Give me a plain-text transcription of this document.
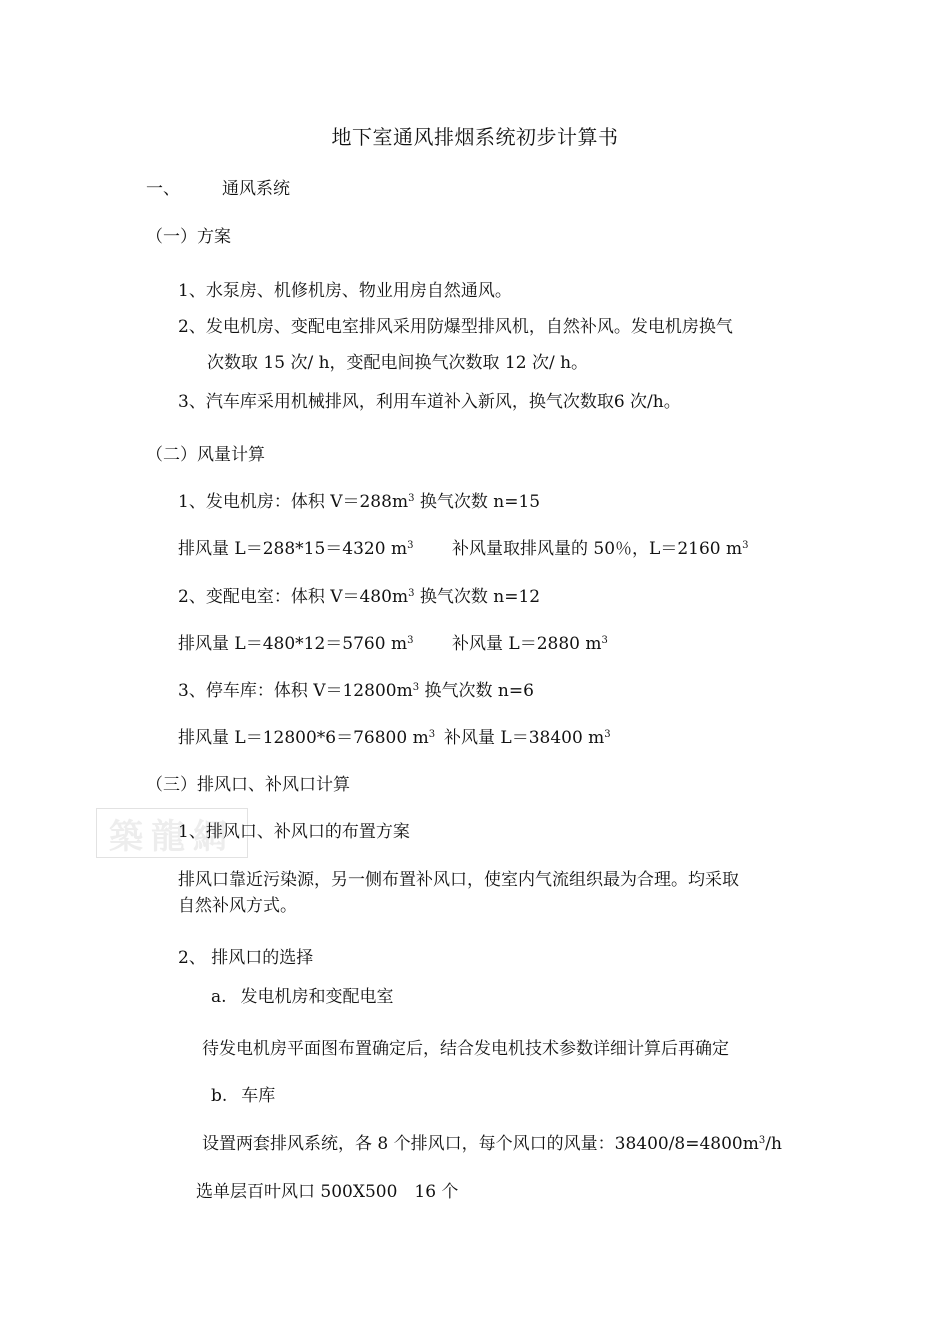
地下室通风排烟系统初步计算书
一、 通风系统
（一）方案
1、水泵房、机修机房、物业用房自然通风。
2、发电机房、变配电室排风采用防爆型排风机，自然补风。发电机房换气
次数取 15 次/ h，变配电间换气次数取 12 次/ h。
3、汽车库采用机械排风，利用车道补入新风，换气次数取6 次/h。
（二）风量计算
1、发电机房：体积 $V=288m^3$ 换气次数 n=15
排风量 L＝288*15＝4320 $m^3$ 补风量取排风量的 50％，L＝2160 $m^3$
2、变配电室：体积 $V=480m^3$ 换气次数 n=12
排风量 L＝480*12＝5760 $m^3$ 补风量 L＝2880 $m^3$
3、停车库：体积 $V=12800m^3$ 换气次数 n=6
排风量 L＝12800*6＝76800 $m^3$ 补风量 L＝38400 $m^3$
（三）排风口、补风口计算
築龍網
1、排风口、补风口的布置方案
排风口靠近污染源，另一侧布置补风口，使室内气流组织最为合理。均采取
自然补风方式。
2、 排风口的选择
a. 发电机房和变配电室
待发电机房平面图布置确定后，结合发电机技术参数详细计算后再确定
b. 车库
设置两套排风系统，各 8 个排风口，每个风口的风量：$38400/8=4800m^3/h$
选单层百叶风口 500X500　16 个
